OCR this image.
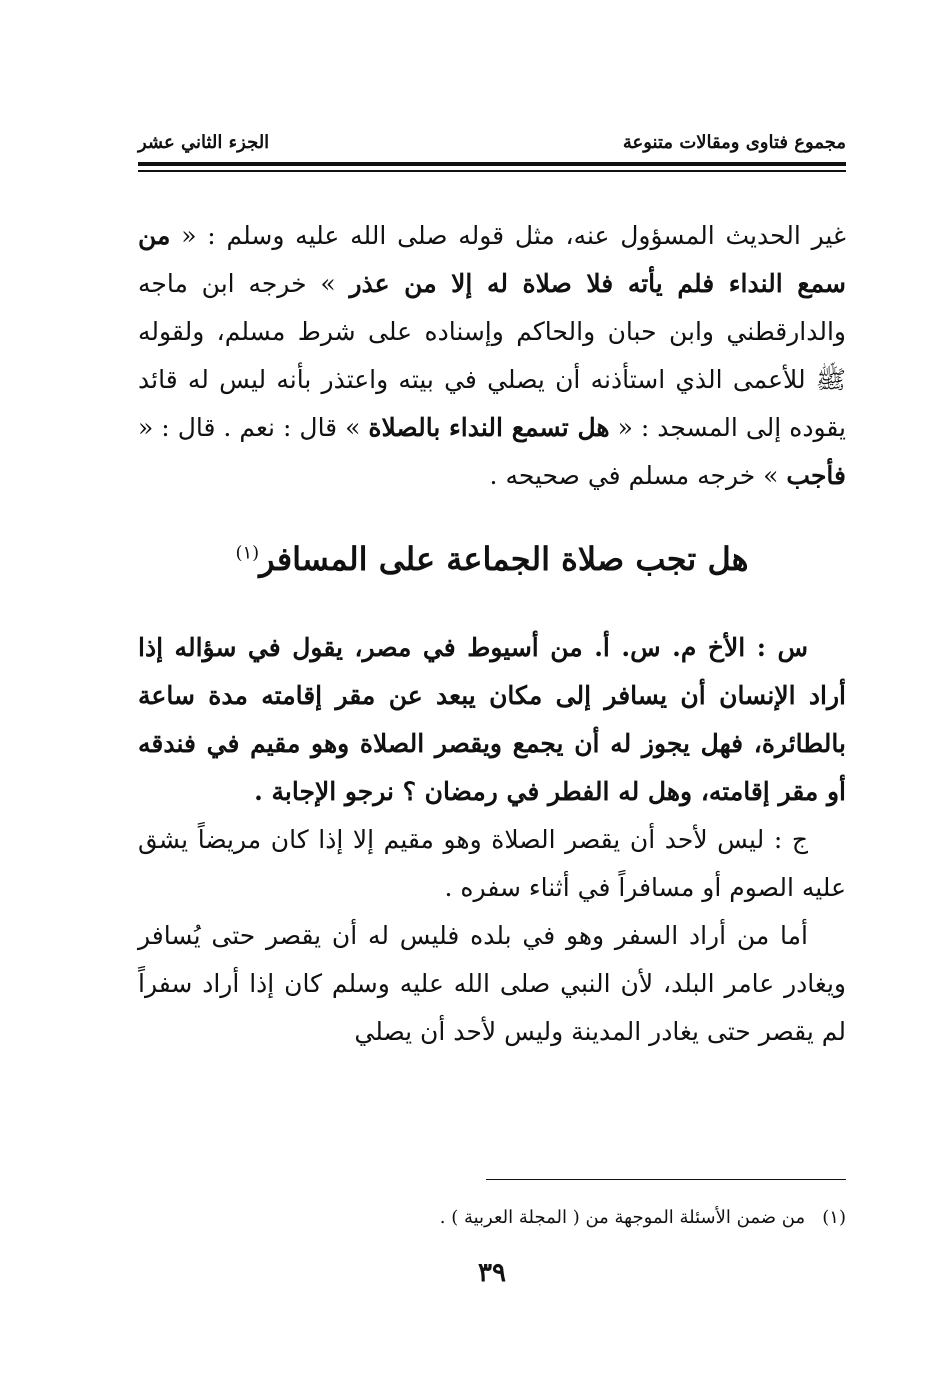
مجموع فتاوى ومقالات متنوعة
الجزء الثاني عشر

غير الحديث المسؤول عنه، مثل قوله صلى الله عليه وسلم : « من سمع النداء فلم يأته فلا صلاة له إلا من عذر » خرجه ابن ماجه والدارقطني وابن حبان والحاكم وإسناده على شرط مسلم، ولقوله ﷺ للأعمى الذي استأذنه أن يصلي في بيته واعتذر بأنه ليس له قائد يقوده إلى المسجد : « هل تسمع النداء بالصلاة » قال : نعم . قال : « فأجب » خرجه مسلم في صحيحه .

هل تجب صلاة الجماعة على المسافر$^{(١)}$

س : الأخ م. س. أ. من أسيوط في مصر، يقول في سؤاله إذا أراد الإنسان أن يسافر إلى مكان يبعد عن مقر إقامته مدة ساعة بالطائرة، فهل يجوز له أن يجمع ويقصر الصلاة وهو مقيم في فندقه أو مقر إقامته، وهل له الفطر في رمضان ؟ نرجو الإجابة .

ج : ليس لأحد أن يقصر الصلاة وهو مقيم إلا إذا كان مريضاً يشق عليه الصوم أو مسافراً في أثناء سفره .

أما من أراد السفر وهو في بلده فليس له أن يقصر حتى يُسافر ويغادر عامر البلد، لأن النبي صلى الله عليه وسلم كان إذا أراد سفراً لم يقصر حتى يغادر المدينة وليس لأحد أن يصلي

(١)   من ضمن الأسئلة الموجهة من ( المجلة العربية ) .
٣٩
